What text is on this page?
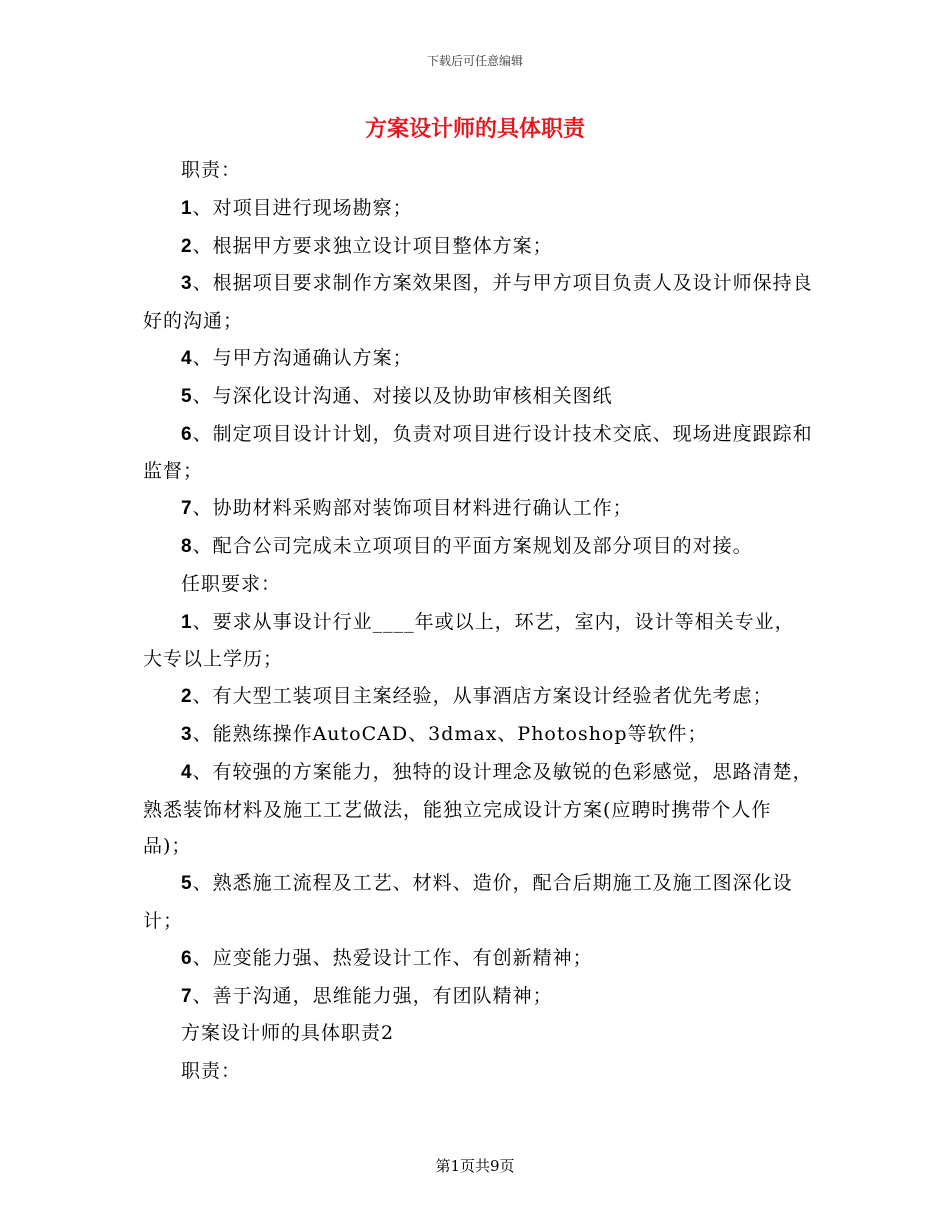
下载后可任意编辑
方案设计师的具体职责

职责：

1、对项目进行现场勘察；

2、根据甲方要求独立设计项目整体方案；

3、根据项目要求制作方案效果图，并与甲方项目负责人及设计师保持良好的沟通；

4、与甲方沟通确认方案；

5、与深化设计沟通、对接以及协助审核相关图纸

6、制定项目设计计划，负责对项目进行设计技术交底、现场进度跟踪和监督；

7、协助材料采购部对装饰项目材料进行确认工作；

8、配合公司完成未立项项目的平面方案规划及部分项目的对接。

任职要求：

1、要求从事设计行业____年或以上，环艺，室内，设计等相关专业，大专以上学历；

2、有大型工装项目主案经验，从事酒店方案设计经验者优先考虑；

3、能熟练操作AutoCAD、3dmax、Photoshop等软件；

4、有较强的方案能力，独特的设计理念及敏锐的色彩感觉，思路清楚，熟悉装饰材料及施工工艺做法，能独立完成设计方案(应聘时携带个人作品)；

5、熟悉施工流程及工艺、材料、造价，配合后期施工及施工图深化设计；

6、应变能力强、热爱设计工作、有创新精神；

7、善于沟通，思维能力强，有团队精神；

方案设计师的具体职责2

职责：

第1页共9页
